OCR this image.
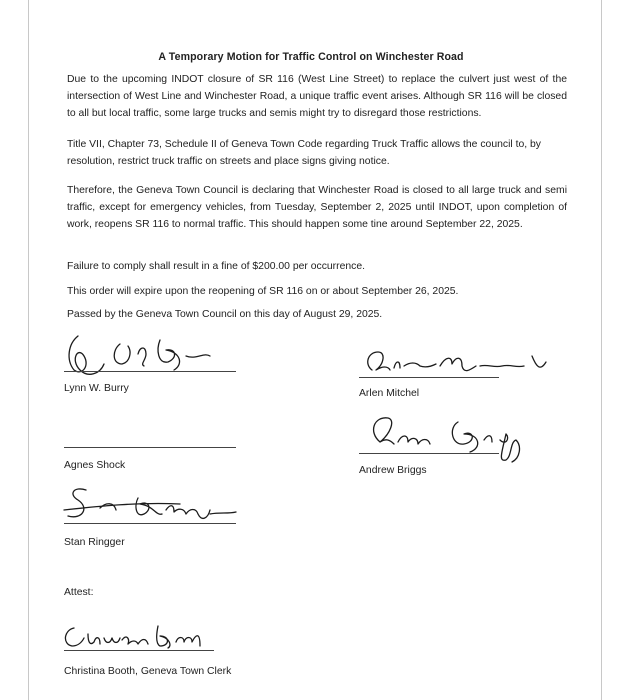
A Temporary Motion for Traffic Control on Winchester Road
Due to the upcoming INDOT closure of SR 116 (West Line Street) to replace the culvert just west of the intersection of West Line and Winchester Road, a unique traffic event arises. Although SR 116 will be closed to all but local traffic, some large trucks and semis might try to disregard those restrictions.
Title VII, Chapter 73, Schedule II of Geneva Town Code regarding Truck Traffic allows the council to, by resolution, restrict truck traffic on streets and place signs giving notice.
Therefore, the Geneva Town Council is declaring that Winchester Road is closed to all large truck and semi traffic, except for emergency vehicles, from Tuesday, September 2, 2025 until INDOT, upon completion of work, reopens SR 116 to normal traffic. This should happen some tine around September 22, 2025.
Failure to comply shall result in a fine of $200.00 per occurrence.
This order will expire upon the reopening of SR 116 on or about September 26, 2025.
Passed by the Geneva Town Council on this day of August 29, 2025.
Lynn W. Burry	Arlen Mitchel
Agnes Shock	Andrew Briggs
Stan Ringger
Attest:
Christina Booth, Geneva Town Clerk
